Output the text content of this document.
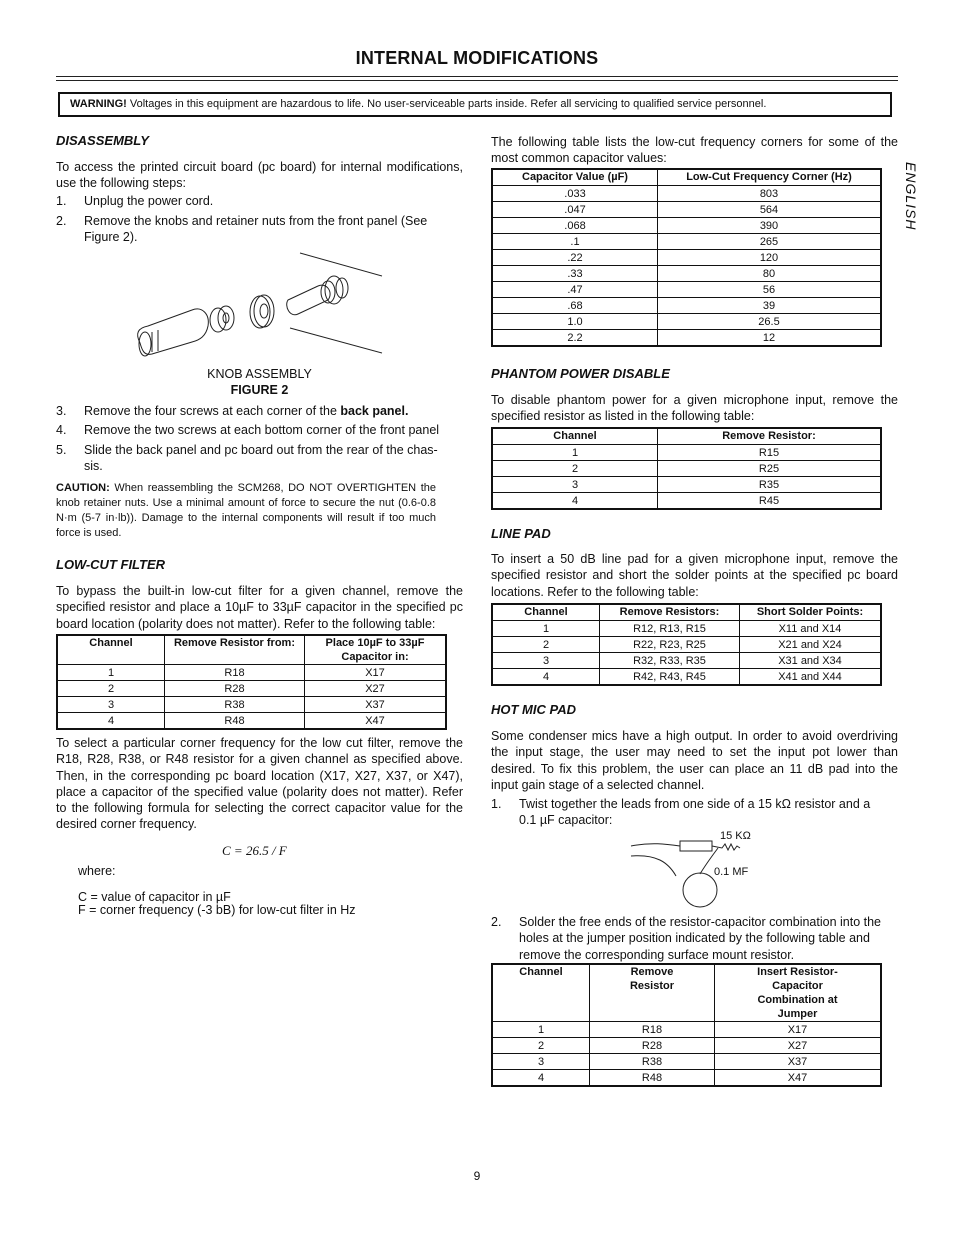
INTERNAL MODIFICATIONS
WARNING! Voltages in this equipment are hazardous to life. No user-serviceable parts inside. Refer all servicing to qualified service personnel.
ENGLISH
DISASSEMBLY

To access the printed circuit board (pc board) for internal modifications, use the following steps:

1. Unplug the power cord.
2. Remove the knobs and retainer nuts from the front panel (See Figure 2).
KNOB ASSEMBLY
FIGURE 2
3. Remove the four screws at each corner of the back panel.
4. Remove the two screws at each bottom corner of the front panel
5. Slide the back panel and pc board out from the rear of the chas-sis.

CAUTION: When reassembling the SCM268, DO NOT OVERTIGHTEN the knob retainer nuts. Use a minimal amount of force to secure the nut (0.6-0.8 N·m (5-7 in·lb)). Damage to the internal components will result if too much force is used.

LOW-CUT FILTER

To bypass the built-in low-cut filter for a given channel, remove the specified resistor and place a 10µF to 33µF capacitor in the specified pc board location (polarity does not matter). Refer to the following table:

Channel	Remove Resistor from:	Place 10µF to 33µF Capacitor in:
1	R18	X17
2	R28	X27
3	R38	X37
4	R48	X47

To select a particular corner frequency for the low cut filter, remove the R18, R28, R38, or R48 resistor for a given channel as specified above. Then, in the corresponding pc board location (X17, X27, X37, or X47), place a capacitor of the specified value (polarity does not matter). Refer to the following formula for selecting the correct capacitor value for the desired corner frequency.

C = 26.5 / F
where:
C = value of capacitor in µF
F = corner frequency (-3 bB) for low-cut filter in Hz

The following table lists the low-cut frequency corners for some of the most common capacitor values:

Capacitor Value (µF)	Low-Cut Frequency Corner (Hz)
.033	803
.047	564
.068	390
.1	265
.22	120
.33	80
.47	56
.68	39
1.0	26.5
2.2	12
PHANTOM POWER DISABLE

To disable phantom power for a given microphone input, remove the specified resistor as listed in the following table:

Channel	Remove Resistor:
1	R15
2	R25
3	R35
4	R45
LINE PAD

To insert a 50 dB line pad for a given microphone input, remove the specified resistor and short the solder points at the specified pc board locations. Refer to the following table:

Channel	Remove Resistors:	Short Solder Points:
1	R12, R13, R15	X11 and X14
2	R22, R23, R25	X21 and X24
3	R32, R33, R35	X31 and X34
4	R42, R43, R45	X41 and X44
HOT MIC PAD

Some condenser mics have a high output. In order to avoid overdriving the input stage, the user may need to set the input pot lower than desired. To fix this problem, the user can place an 11 dB pad into the input gain stage of a selected channel.

1. Twist together the leads from one side of a 15 kΩ resistor and a 0.1 µF capacitor:
15 KΩ
0.1 MF
2. Solder the free ends of the resistor-capacitor combination into the holes at the jumper position indicated by the following table and remove the corresponding surface mount resistor.
Channel	Remove Resistor	Insert Resistor-Capacitor Combination at Jumper
1	R18	X17
2	R28	X27
3	R38	X37
4	R48	X47
9
